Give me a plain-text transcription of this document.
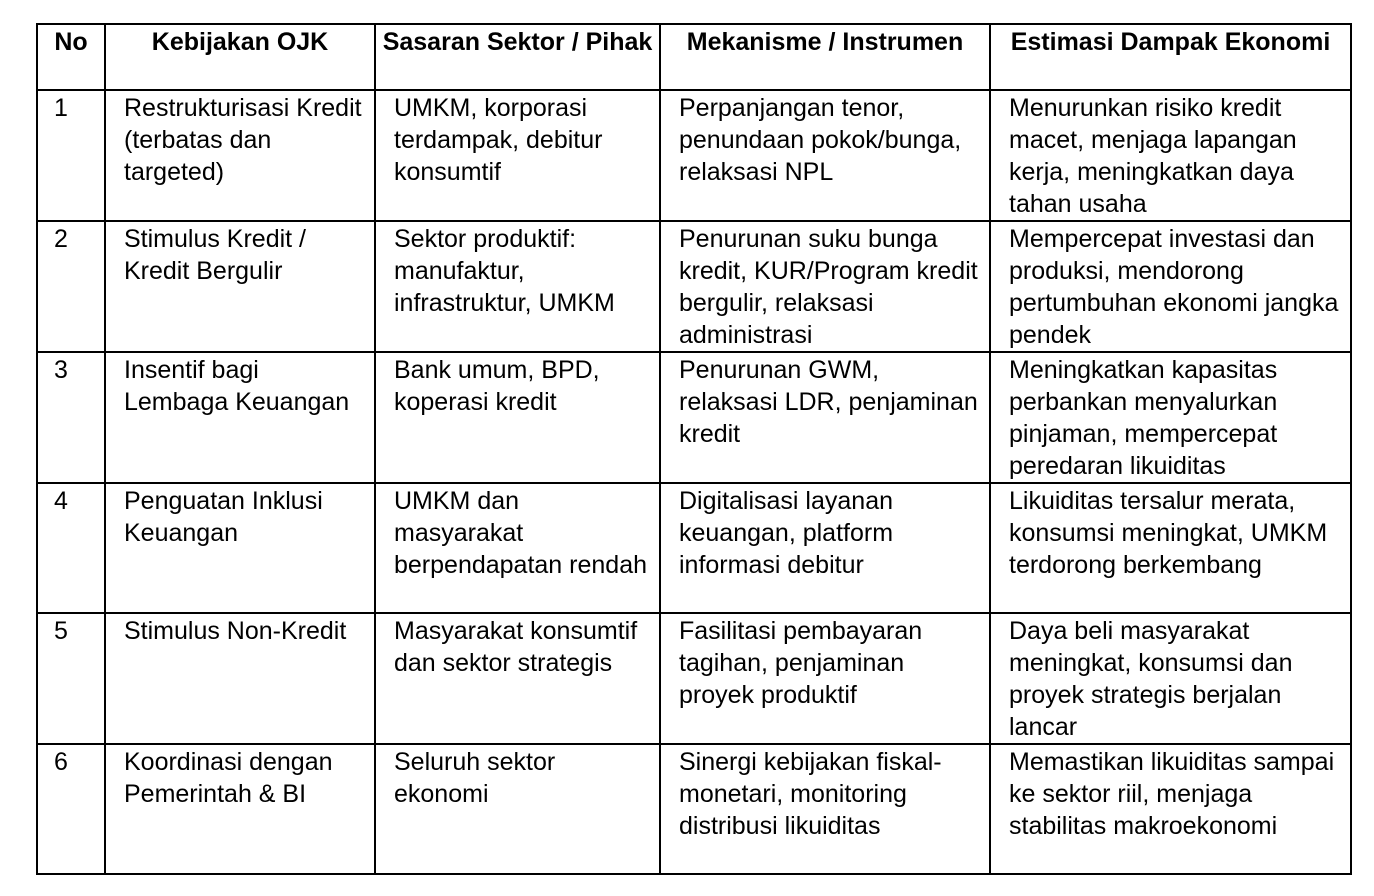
No	Kebijakan OJK	Sasaran Sektor / Pihak	Mekanisme / Instrumen	Estimasi Dampak Ekonomi
1	Restrukturisasi Kredit (terbatas dan targeted)	UMKM, korporasi terdampak, debitur konsumtif	Perpanjangan tenor, penundaan pokok/bunga, relaksasi NPL	Menurunkan risiko kredit macet, menjaga lapangan kerja, meningkatkan daya tahan usaha
2	Stimulus Kredit / Kredit Bergulir	Sektor produktif: manufaktur, infrastruktur, UMKM	Penurunan suku bunga kredit, KUR/Program kredit bergulir, relaksasi administrasi	Mempercepat investasi dan produksi, mendorong pertumbuhan ekonomi jangka pendek
3	Insentif bagi Lembaga Keuangan	Bank umum, BPD, koperasi kredit	Penurunan GWM, relaksasi LDR, penjaminan kredit	Meningkatkan kapasitas perbankan menyalurkan pinjaman, mempercepat peredaran likuiditas
4	Penguatan Inklusi Keuangan	UMKM dan masyarakat berpendapatan rendah	Digitalisasi layanan keuangan, platform informasi debitur	Likuiditas tersalur merata, konsumsi meningkat, UMKM terdorong berkembang
5	Stimulus Non-Kredit	Masyarakat konsumtif dan sektor strategis	Fasilitasi pembayaran tagihan, penjaminan proyek produktif	Daya beli masyarakat meningkat, konsumsi dan proyek strategis berjalan lancar
6	Koordinasi dengan Pemerintah & BI	Seluruh sektor ekonomi	Sinergi kebijakan fiskal-monetari, monitoring distribusi likuiditas	Memastikan likuiditas sampai ke sektor riil, menjaga stabilitas makroekonomi
